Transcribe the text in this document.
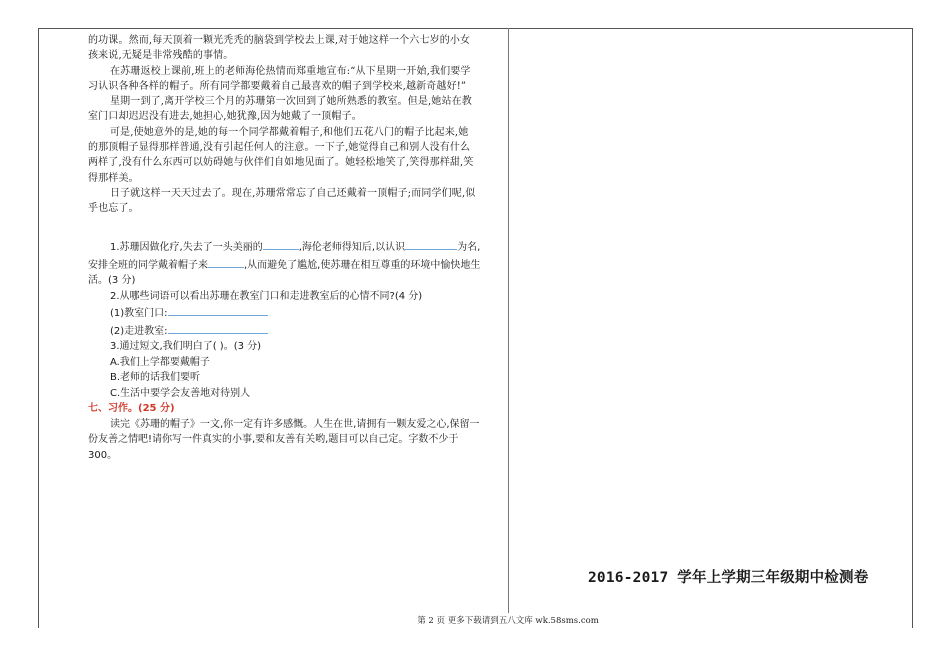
的功课。然而,每天顶着一颗光秃秃的脑袋到学校去上课,对于她这样一个六七岁的小女孩来说,无疑是非常残酷的事情。

在苏珊返校上课前,班上的老师海伦热情而郑重地宣布:“从下星期一开始,我们要学习认识各种各样的帽子。所有同学都要戴着自己最喜欢的帽子到学校来,越新奇越好!”

星期一到了,离开学校三个月的苏珊第一次回到了她所熟悉的教室。但是,她站在教室门口却迟迟没有进去,她担心,她犹豫,因为她戴了一顶帽子。

可是,使她意外的是,她的每一个同学都戴着帽子,和他们五花八门的帽子比起来,她的那顶帽子显得那样普通,没有引起任何人的注意。一下子,她觉得自己和别人没有什么两样了,没有什么东西可以妨碍她与伙伴们自如地见面了。她轻松地笑了,笑得那样甜,笑得那样美。

日子就这样一天天过去了。现在,苏珊常常忘了自己还戴着一顶帽子;而同学们呢,似乎也忘了。

1.苏珊因做化疗,失去了一头美丽的	,海伦老师得知后,以认识	为名,安排全班的同学戴着帽子来	,从而避免了尴尬,使苏珊在相互尊重的环境中愉快地生活。(3 分)

2.从哪些词语可以看出苏珊在教室门口和走进教室后的心情不同?(4 分)

(1)教室门口:

(2)走进教室:

3.通过短文,我们明白了( )。(3 分)

A.我们上学都要戴帽子

B.老师的话我们要听

C.生活中要学会友善地对待别人

七、习作。(25 分)

读完《苏珊的帽子》一文,你一定有许多感慨。人生在世,请拥有一颗友爱之心,保留一份友善之情吧!请你写一件真实的小事,要和友善有关哟,题目可以自己定。字数不少于 300。

2016-2017 学年上学期三年级期中检测卷
第 2 页 更多下载请到五八文库 wk.58sms.com
